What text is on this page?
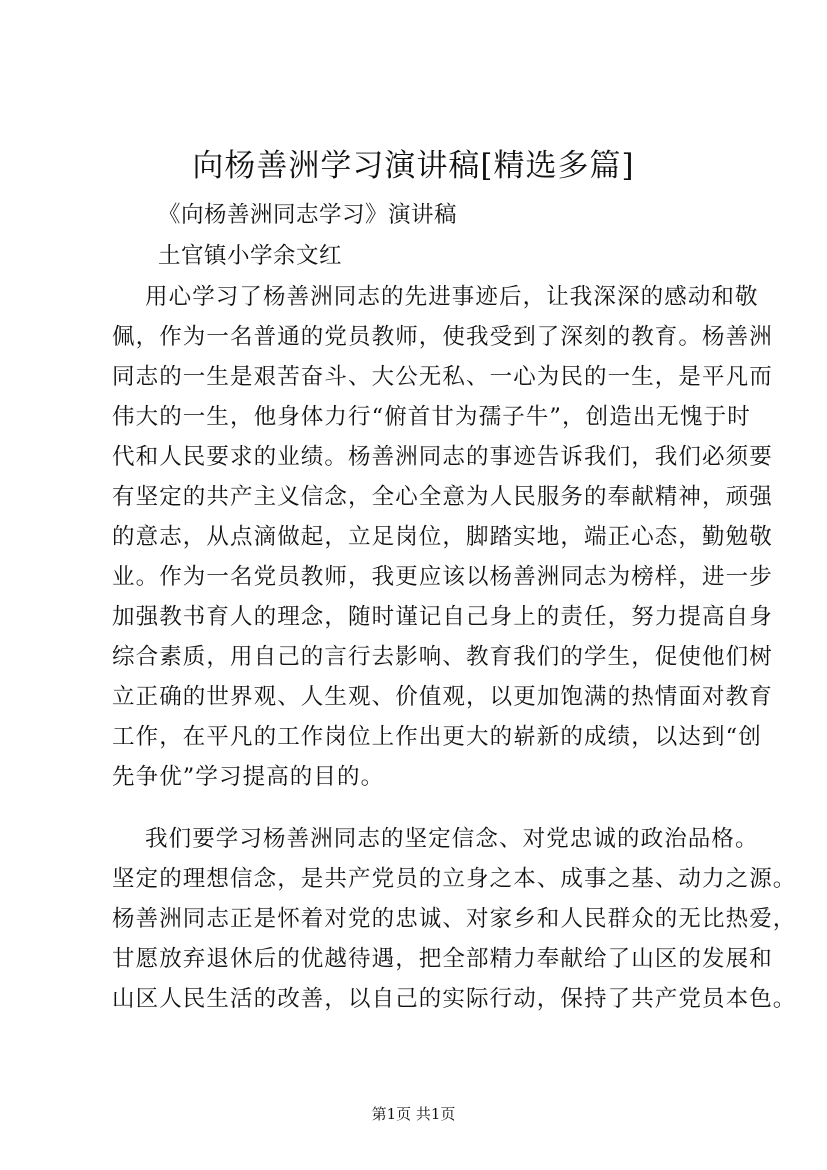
向杨善洲学习演讲稿[精选多篇]
《向杨善洲同志学习》演讲稿
土官镇小学余文红
用心学习了杨善洲同志的先进事迹后，让我深深的感动和敬
佩，作为一名普通的党员教师，使我受到了深刻的教育。杨善洲
同志的一生是艰苦奋斗、大公无私、一心为民的一生，是平凡而
伟大的一生，他身体力行“俯首甘为孺子牛”，创造出无愧于时
代和人民要求的业绩。杨善洲同志的事迹告诉我们，我们必须要
有坚定的共产主义信念，全心全意为人民服务的奉献精神，顽强
的意志，从点滴做起，立足岗位，脚踏实地，端正心态，勤勉敬
业。作为一名党员教师，我更应该以杨善洲同志为榜样，进一步
加强教书育人的理念，随时谨记自己身上的责任，努力提高自身
综合素质，用自己的言行去影响、教育我们的学生，促使他们树
立正确的世界观、人生观、价值观，以更加饱满的热情面对教育
工作，在平凡的工作岗位上作出更大的崭新的成绩，以达到“创
先争优”学习提高的目的。
我们要学习杨善洲同志的坚定信念、对党忠诚的政治品格。
坚定的理想信念，是共产党员的立身之本、成事之基、动力之源。
杨善洲同志正是怀着对党的忠诚、对家乡和人民群众的无比热爱，
甘愿放弃退休后的优越待遇，把全部精力奉献给了山区的发展和
山区人民生活的改善，以自己的实际行动，保持了共产党员本色。
第1页 共1页
